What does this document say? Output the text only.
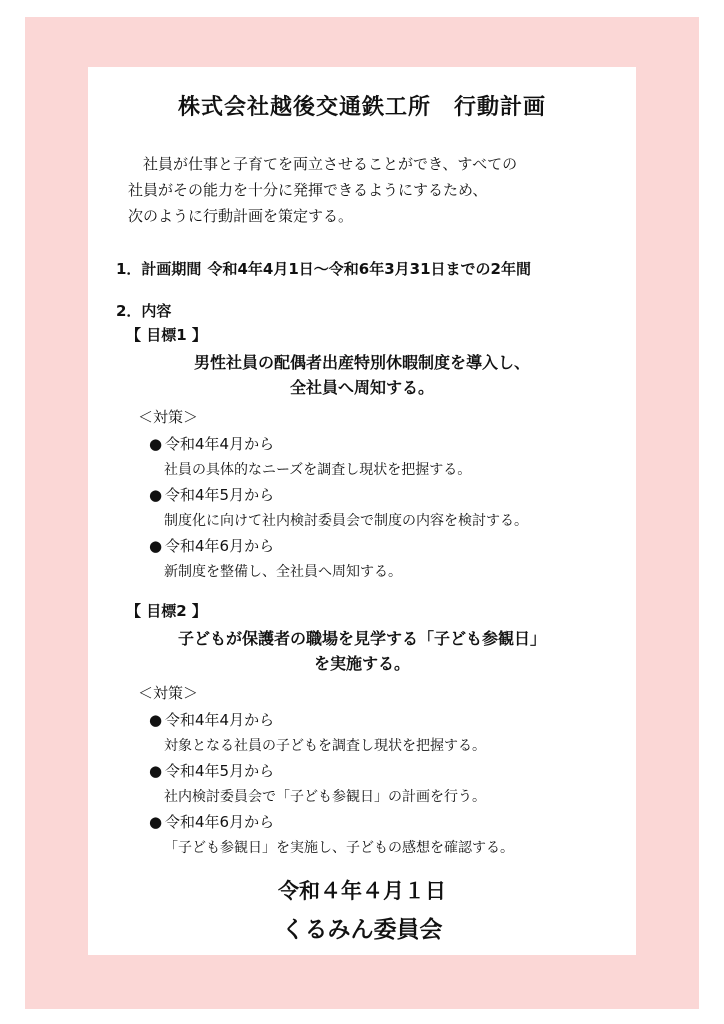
株式会社越後交通鉄工所　行動計画
　社員が仕事と子育てを両立させることができ、すべての
社員がその能力を十分に発揮できるようにするため、
次のように行動計画を策定する。
1．計画期間 令和4年4月1日～令和6年3月31日までの2年間
2．内容
【 目標1 】
男性社員の配偶者出産特別休暇制度を導入し、
全社員へ周知する。
＜対策＞
● 令和4年4月から
社員の具体的なニーズを調査し現状を把握する。
● 令和4年5月から
制度化に向けて社内検討委員会で制度の内容を検討する。
● 令和4年6月から
新制度を整備し、全社員へ周知する。
【 目標2 】
子どもが保護者の職場を見学する「子ども参観日」
を実施する。
＜対策＞
● 令和4年4月から
対象となる社員の子どもを調査し現状を把握する。
● 令和4年5月から
社内検討委員会で「子ども参観日」の計画を行う。
● 令和4年6月から
「子ども参観日」を実施し、子どもの感想を確認する。
令和４年４月１日
くるみん委員会
